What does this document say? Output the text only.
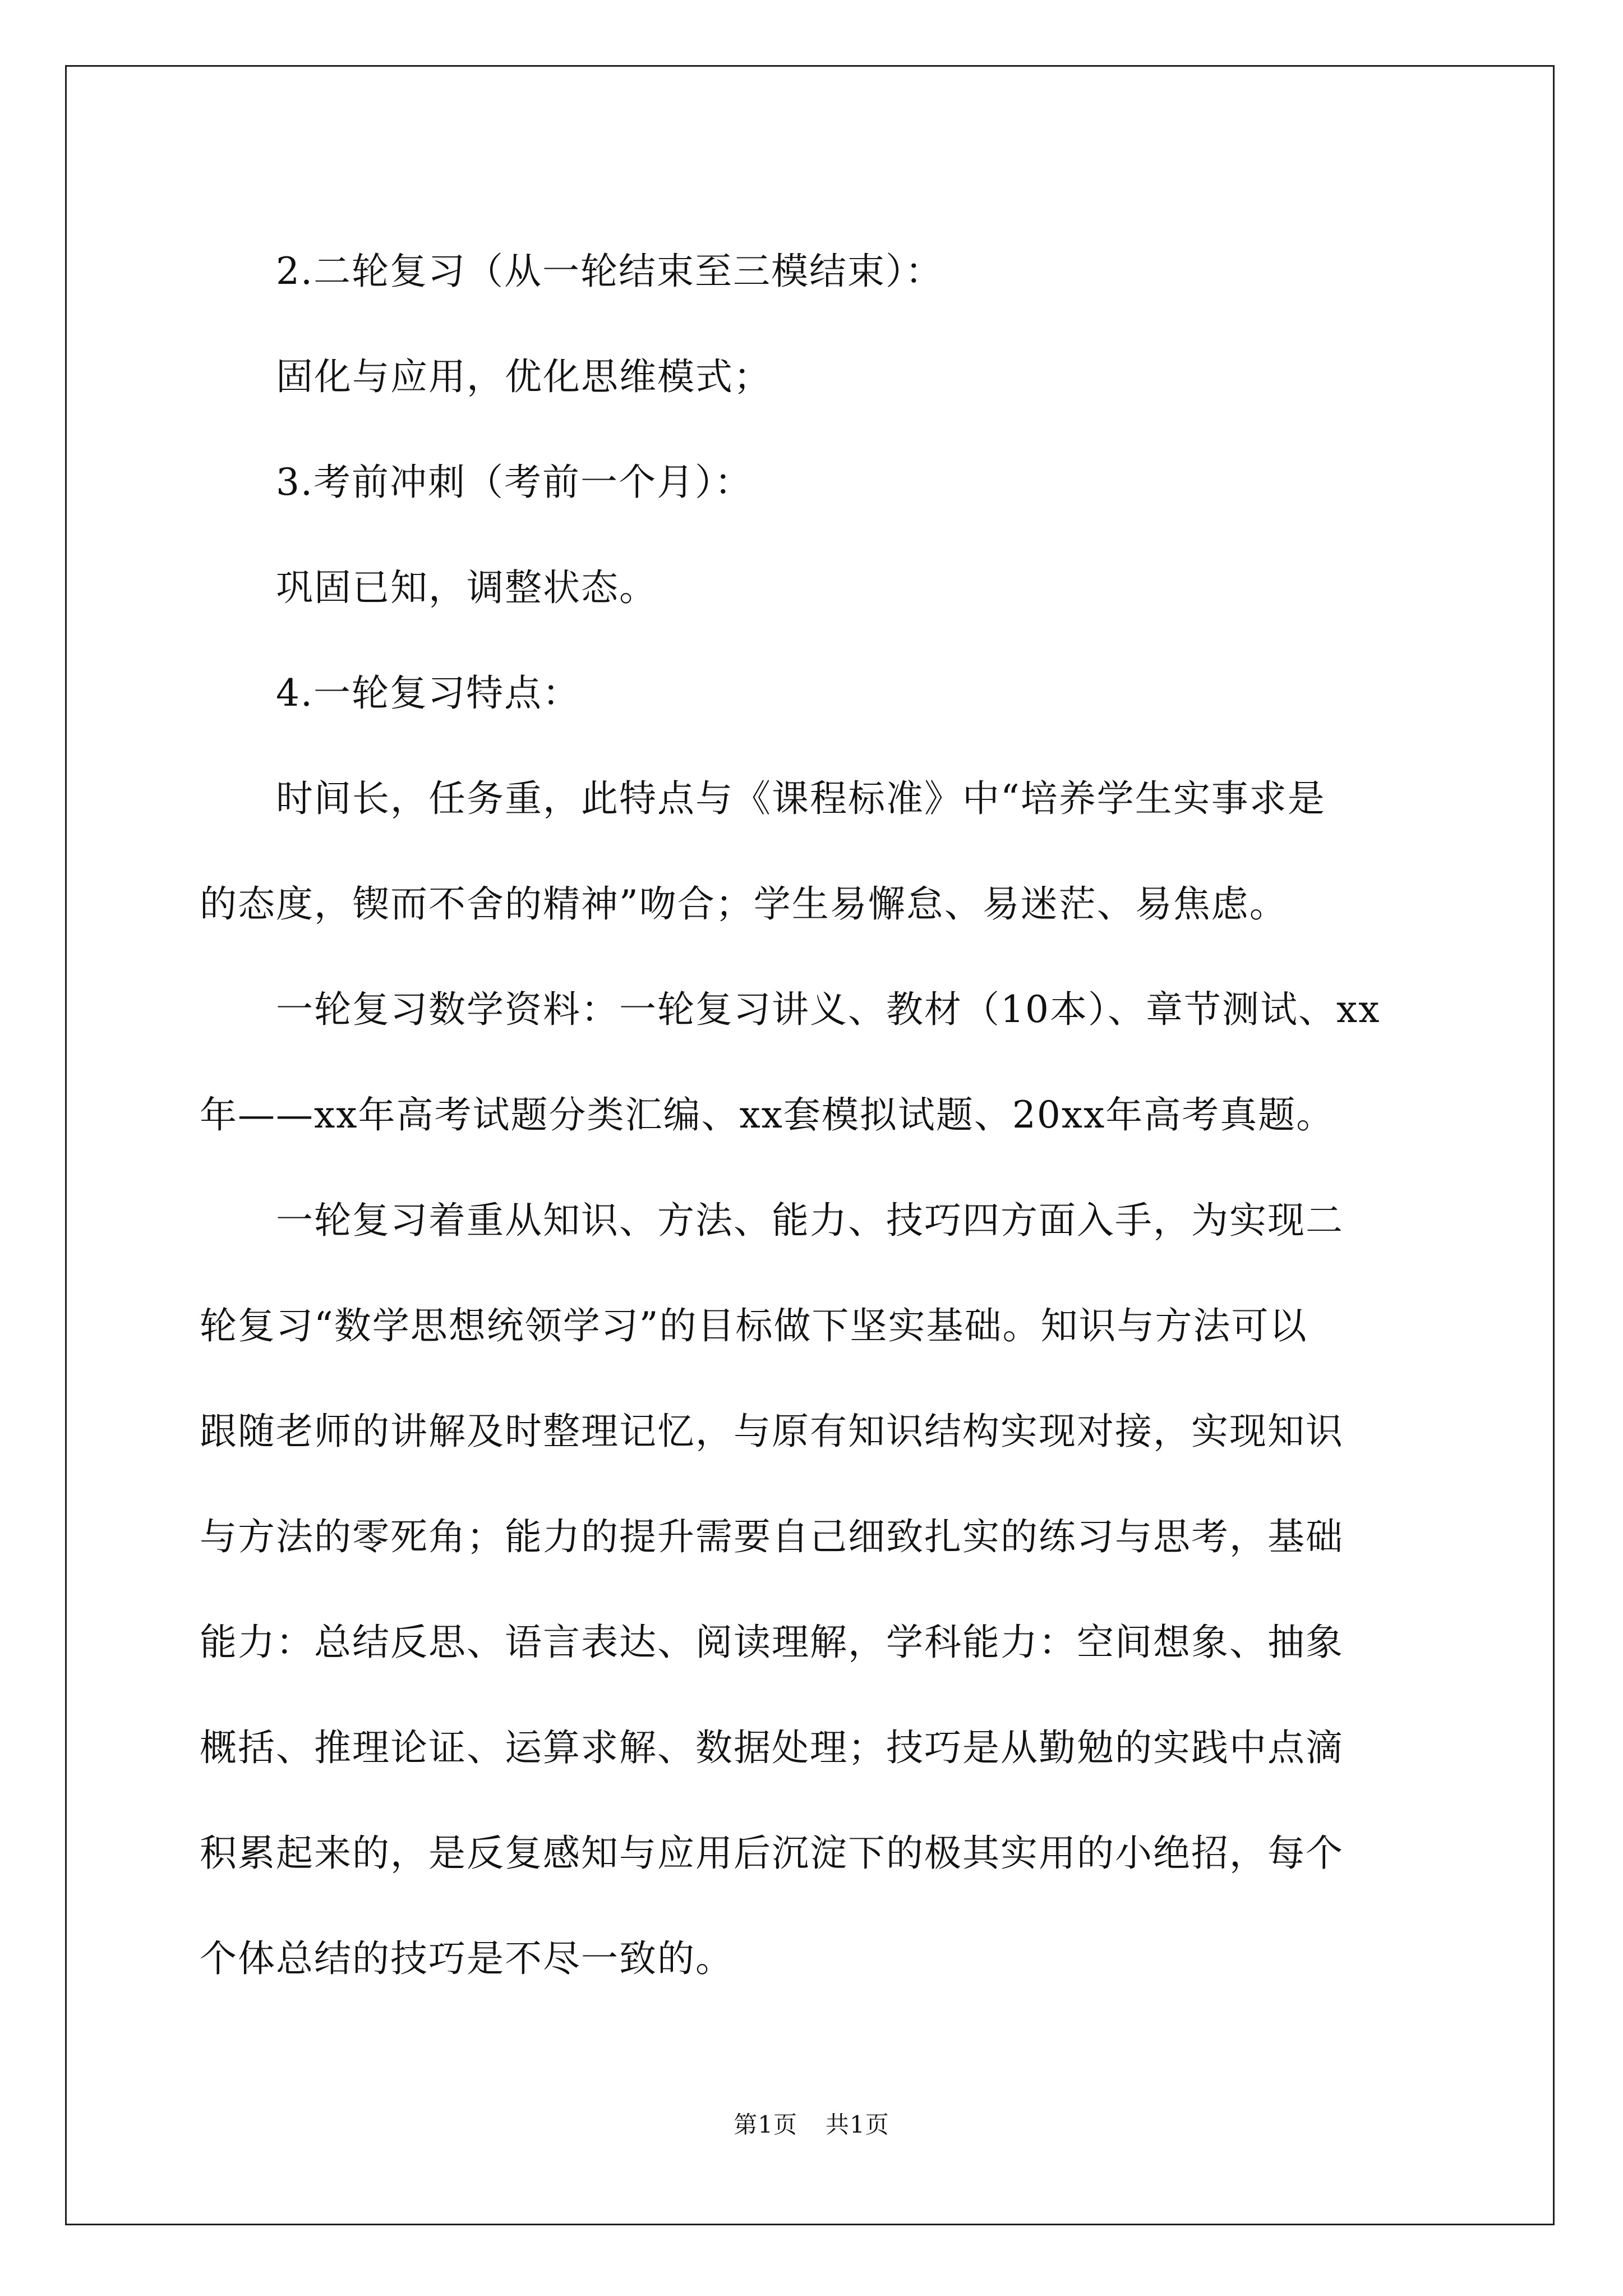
2.二轮复习（从一轮结束至三模结束）：

固化与应用，优化思维模式；

3.考前冲刺（考前一个月）：

巩固已知，调整状态。

4.一轮复习特点：

时间长，任务重，此特点与《课程标准》中“培养学生实事求是

的态度，锲而不舍的精神”吻合；学生易懈怠、易迷茫、易焦虑。

一轮复习数学资料：一轮复习讲义、教材（10本）、章节测试、xx

年——xx年高考试题分类汇编、xx套模拟试题、20xx年高考真题。

一轮复习着重从知识、方法、能力、技巧四方面入手，为实现二

轮复习“数学思想统领学习”的目标做下坚实基础。知识与方法可以

跟随老师的讲解及时整理记忆，与原有知识结构实现对接，实现知识

与方法的零死角；能力的提升需要自己细致扎实的练习与思考，基础

能力：总结反思、语言表达、阅读理解，学科能力：空间想象、抽象

概括、推理论证、运算求解、数据处理；技巧是从勤勉的实践中点滴

积累起来的，是反复感知与应用后沉淀下的极其实用的小绝招，每个

个体总结的技巧是不尽一致的。

第1页 共1页
